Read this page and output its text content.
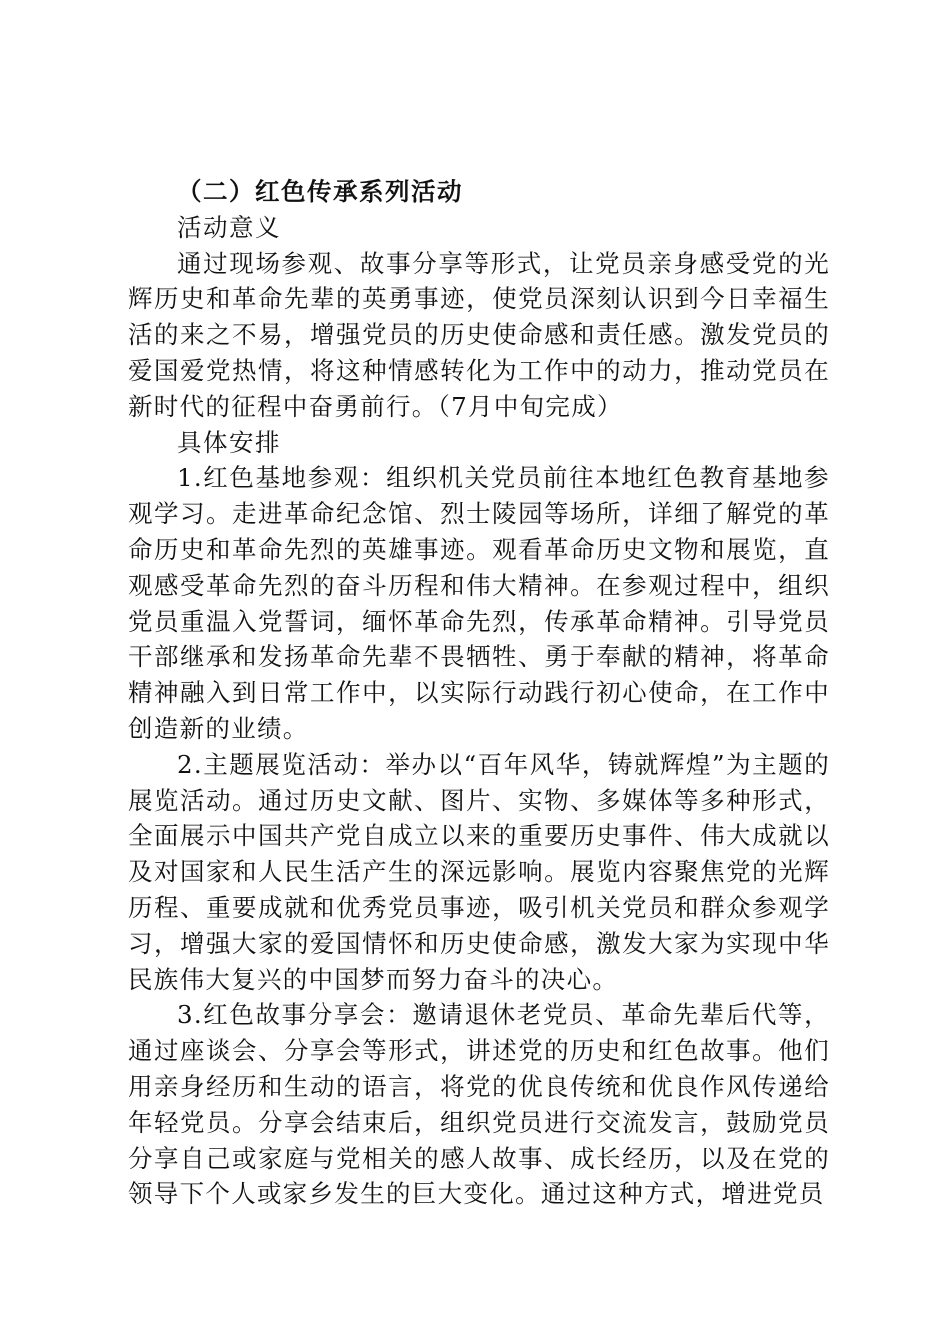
（二）红色传承系列活动

活动意义

通过现场参观、故事分享等形式，让党员亲身感受党的光辉历史和革命先辈的英勇事迹，使党员深刻认识到今日幸福生活的来之不易，增强党员的历史使命感和责任感。激发党员的爱国爱党热情，将这种情感转化为工作中的动力，推动党员在新时代的征程中奋勇前行。（7月中旬完成）

具体安排

1.红色基地参观：组织机关党员前往本地红色教育基地参观学习。走进革命纪念馆、烈士陵园等场所，详细了解党的革命历史和革命先烈的英雄事迹。观看革命历史文物和展览，直观感受革命先烈的奋斗历程和伟大精神。在参观过程中，组织党员重温入党誓词，缅怀革命先烈，传承革命精神。引导党员干部继承和发扬革命先辈不畏牺牲、勇于奉献的精神，将革命精神融入到日常工作中，以实际行动践行初心使命，在工作中创造新的业绩。

2.主题展览活动：举办以“百年风华，铸就辉煌”为主题的展览活动。通过历史文献、图片、实物、多媒体等多种形式，全面展示中国共产党自成立以来的重要历史事件、伟大成就以及对国家和人民生活产生的深远影响。展览内容聚焦党的光辉历程、重要成就和优秀党员事迹，吸引机关党员和群众参观学习，增强大家的爱国情怀和历史使命感，激发大家为实现中华民族伟大复兴的中国梦而努力奋斗的决心。

3.红色故事分享会：邀请退休老党员、革命先辈后代等，通过座谈会、分享会等形式，讲述党的历史和红色故事。他们用亲身经历和生动的语言，将党的优良传统和优良作风传递给年轻党员。分享会结束后，组织党员进行交流发言，鼓励党员分享自己或家庭与党相关的感人故事、成长经历，以及在党的领导下个人或家乡发生的巨大变化。通过这种方式，增进党员
